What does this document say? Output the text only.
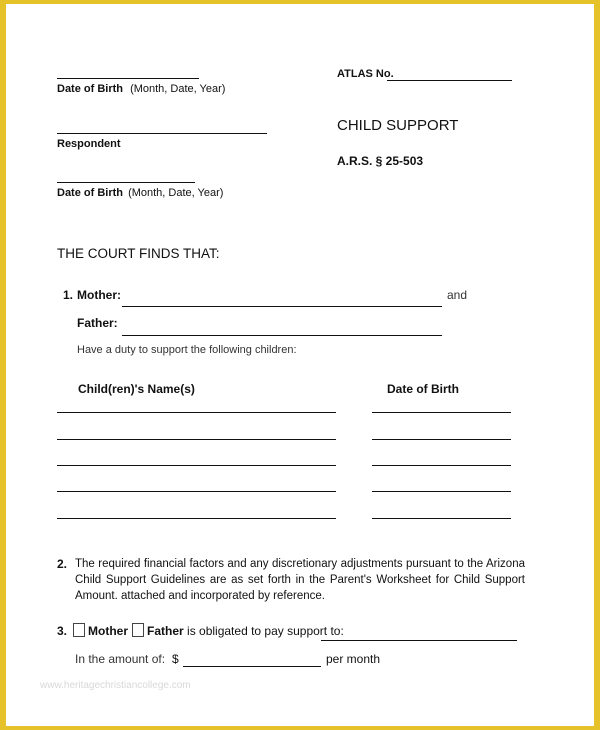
Date of Birth (Month, Date, Year)
ATLAS No.
Respondent
CHILD SUPPORT
A.R.S. § 25-503
Date of Birth (Month, Date, Year)
THE COURT FINDS THAT:
1. Mother:	and
Father:
Have a duty to support the following children:
Child(ren)'s Name(s)	Date of Birth
2. The required financial factors and any discretionary adjustments pursuant to the Arizona Child Support Guidelines are as set forth in the Parent's Worksheet for Child Support Amount. attached and incorporated by reference.
3. Mother Father is obligated to pay support to:
In the amount of: $	per month
www.heritagechristiancollege.com
